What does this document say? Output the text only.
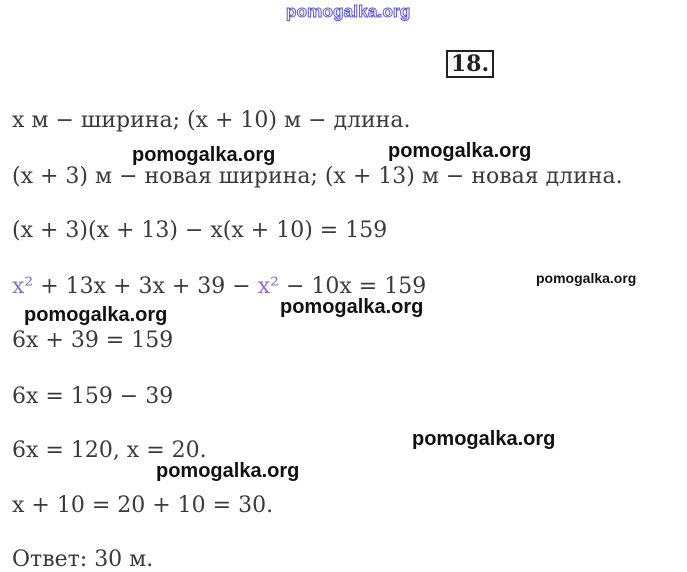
pomogalka.org
pomogalka.org	pomogalka.org
pomogalka.org
pomogalka.org	pomogalka.org
pomogalka.org
pomogalka.org
18.
x м − ширина; (x + 10) м − длина.
(x + 3) м − новая ширина; (x + 13) м − новая длина.
(x + 3)(x + 13) − x(x + 10) = 159
x² + 13x + 3x + 39 − x² − 10x = 159
6x + 39 = 159
6x = 159 − 39
6x = 120, x = 20.
x + 10 = 20 + 10 = 30.
Ответ: 30 м.
